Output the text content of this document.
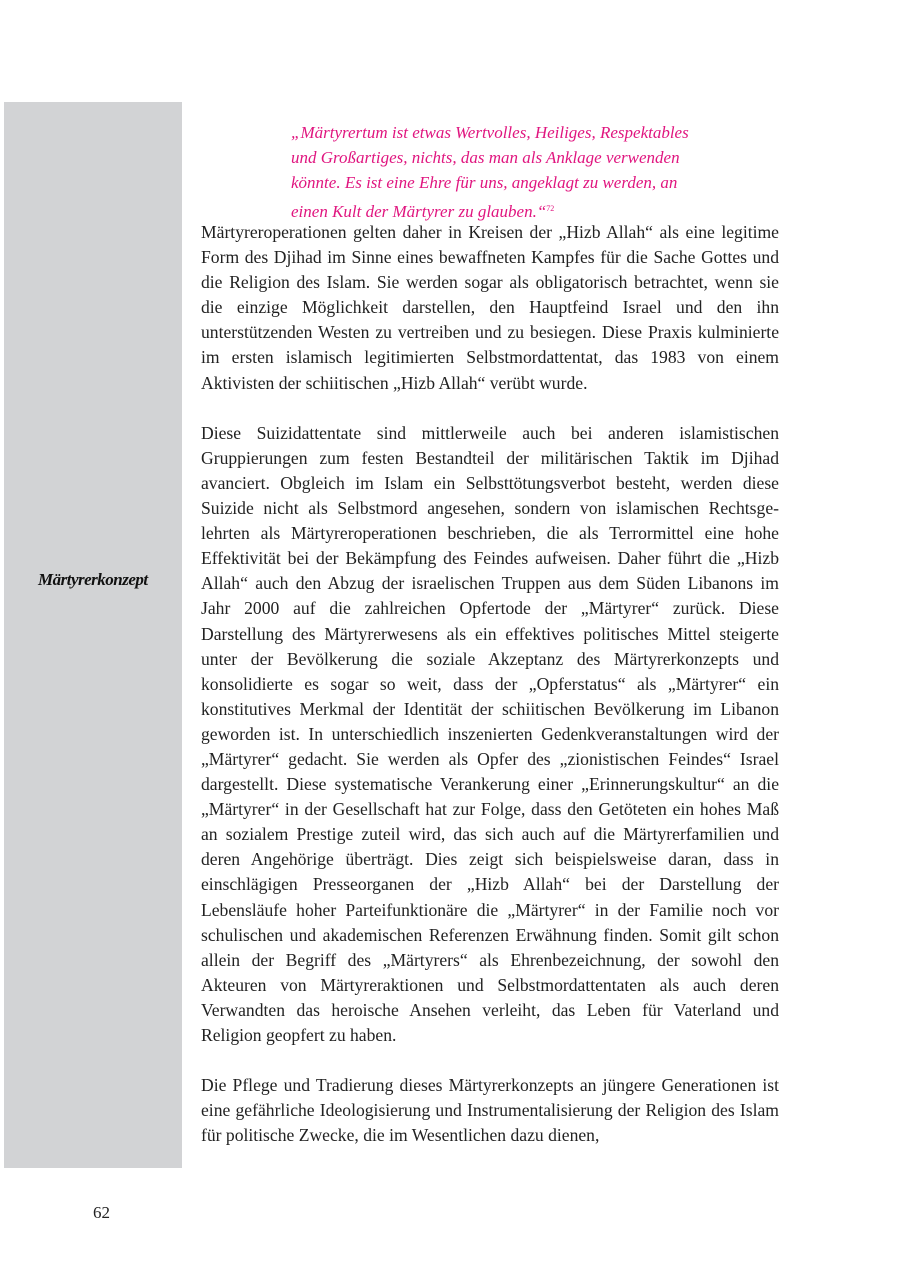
Märtyrerkonzept

„Märtyrertum ist etwas Wertvolles, Heiliges, Respektables und Großartiges, nichts, das man als Anklage verwenden könnte. Es ist eine Ehre für uns, angeklagt zu werden, an einen Kult der Märtyrer zu glauben.“$^{72}$

Märtyreroperationen gelten daher in Kreisen der „Hizb Allah“ als eine legitime Form des Djihad im Sinne eines bewaffneten Kampfes für die Sache Gottes und die Religion des Islam. Sie werden sogar als obligatorisch betrachtet, wenn sie die einzige Möglichkeit darstellen, den Hauptfeind Israel und den ihn unterstützenden Westen zu vertreiben und zu besiegen. Diese Praxis kulminierte im ersten islamisch legitimierten Selbstmordattentat, das 1983 von einem Aktivisten der schiitischen „Hizb Allah“ verübt wurde.

Diese Suizidattentate sind mittlerweile auch bei anderen islamistischen Gruppierungen zum festen Bestandteil der militärischen Taktik im Djihad avanciert. Obgleich im Islam ein Selbsttötungsverbot besteht, werden diese Suizide nicht als Selbstmord angesehen, sondern von islamischen Rechtsgelehrten als Märtyreroperationen beschrieben, die als Terrormittel eine hohe Effektivität bei der Bekämpfung des Feindes aufweisen. Daher führt die „Hizb Allah“ auch den Abzug der israelischen Truppen aus dem Süden Libanons im Jahr 2000 auf die zahlreichen Opfertode der „Märtyrer“ zurück. Diese Darstellung des Märtyrerwesens als ein effektives politisches Mittel steigerte unter der Bevölkerung die soziale Akzeptanz des Märtyrerkonzepts und konsolidierte es sogar so weit, dass der „Opferstatus“ als „Märtyrer“ ein konstitutives Merkmal der Identität der schiitischen Bevölkerung im Libanon geworden ist. In unterschiedlich inszenierten Gedenkveranstaltungen wird der „Märtyrer“ gedacht. Sie werden als Opfer des „zionistischen Feindes“ Israel dargestellt. Diese systematische Verankerung einer „Erinnerungskultur“ an die „Märtyrer“ in der Gesellschaft hat zur Folge, dass den Getöteten ein hohes Maß an sozialem Prestige zuteil wird, das sich auch auf die Märtyrerfamilien und deren Angehörige überträgt. Dies zeigt sich beispielsweise daran, dass in einschlägigen Presseorganen der „Hizb Allah“ bei der Darstellung der Lebensläufe hoher Parteifunktionäre die „Märtyrer“ in der Familie noch vor schulischen und akademischen Referenzen Erwähnung finden. Somit gilt schon allein der Begriff des „Märtyrers“ als Ehrenbezeichnung, der sowohl den Akteuren von Märtyreraktionen und Selbstmordattentaten als auch deren Verwandten das heroische Ansehen verleiht, das Leben für Vaterland und Religion geopfert zu haben.

Die Pflege und Tradierung dieses Märtyrerkonzepts an jüngere Generationen ist eine gefährliche Ideologisierung und Instrumentalisierung der Religion des Islam für politische Zwecke, die im Wesentlichen dazu dienen,

62
